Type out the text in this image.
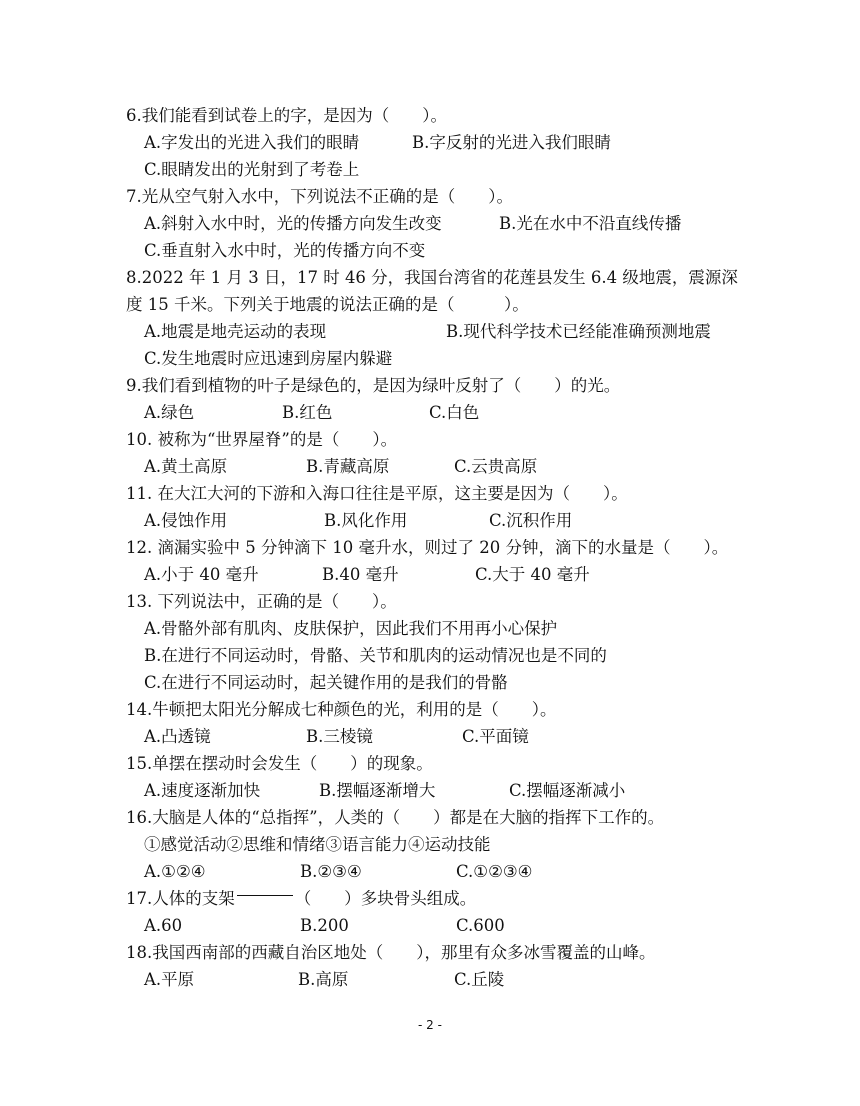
6.我们能看到试卷上的字，是因为（　　）。
A.字发出的光进入我们的眼睛	B.字反射的光进入我们眼睛
C.眼睛发出的光射到了考卷上
7.光从空气射入水中，下列说法不正确的是（　　）。
A.斜射入水中时，光的传播方向发生改变	B.光在水中不沿直线传播
C.垂直射入水中时，光的传播方向不变
8.2022 年 1 月 3 日，17 时 46 分，我国台湾省的花莲县发生 6.4 级地震，震源深
度 15 千米。下列关于地震的说法正确的是（　　　）。
A.地震是地壳运动的表现	B.现代科学技术已经能准确预测地震
C.发生地震时应迅速到房屋内躲避
9.我们看到植物的叶子是绿色的，是因为绿叶反射了（　　）的光。
A.绿色	B.红色	C.白色
10. 被称为“世界屋脊”的是（　　）。
A.黄土高原	B.青藏高原	C.云贵高原
11. 在大江大河的下游和入海口往往是平原，这主要是因为（　　）。
A.侵蚀作用	B.风化作用	C.沉积作用
12. 滴漏实验中 5 分钟滴下 10 毫升水，则过了 20 分钟，滴下的水量是（　　）。
A.小于 40 毫升	B.40 毫升	C.大于 40 毫升
13. 下列说法中，正确的是（　　）。
A.骨骼外部有肌肉、皮肤保护，因此我们不用再小心保护
B.在进行不同运动时，骨骼、关节和肌肉的运动情况也是不同的
C.在进行不同运动时，起关键作用的是我们的骨骼
14.牛顿把太阳光分解成七种颜色的光，利用的是（　　）。
A.凸透镜	B.三棱镜	C.平面镜
15.单摆在摆动时会发生（　　）的现象。
A.速度逐渐加快	B.摆幅逐渐增大	C.摆幅逐渐减小
16.大脑是人体的“总指挥”，人类的（　　）都是在大脑的指挥下工作的。
①感觉活动②思维和情绪③语言能力④运动技能
A.①②④	B.②③④	C.①②③④
17.人体的支架	（　　）多块骨头组成。
A.60	B.200	C.600
18.我国西南部的西藏自治区地处（　　），那里有众多冰雪覆盖的山峰。
A.平原	B.高原	C.丘陵
- 2 -
